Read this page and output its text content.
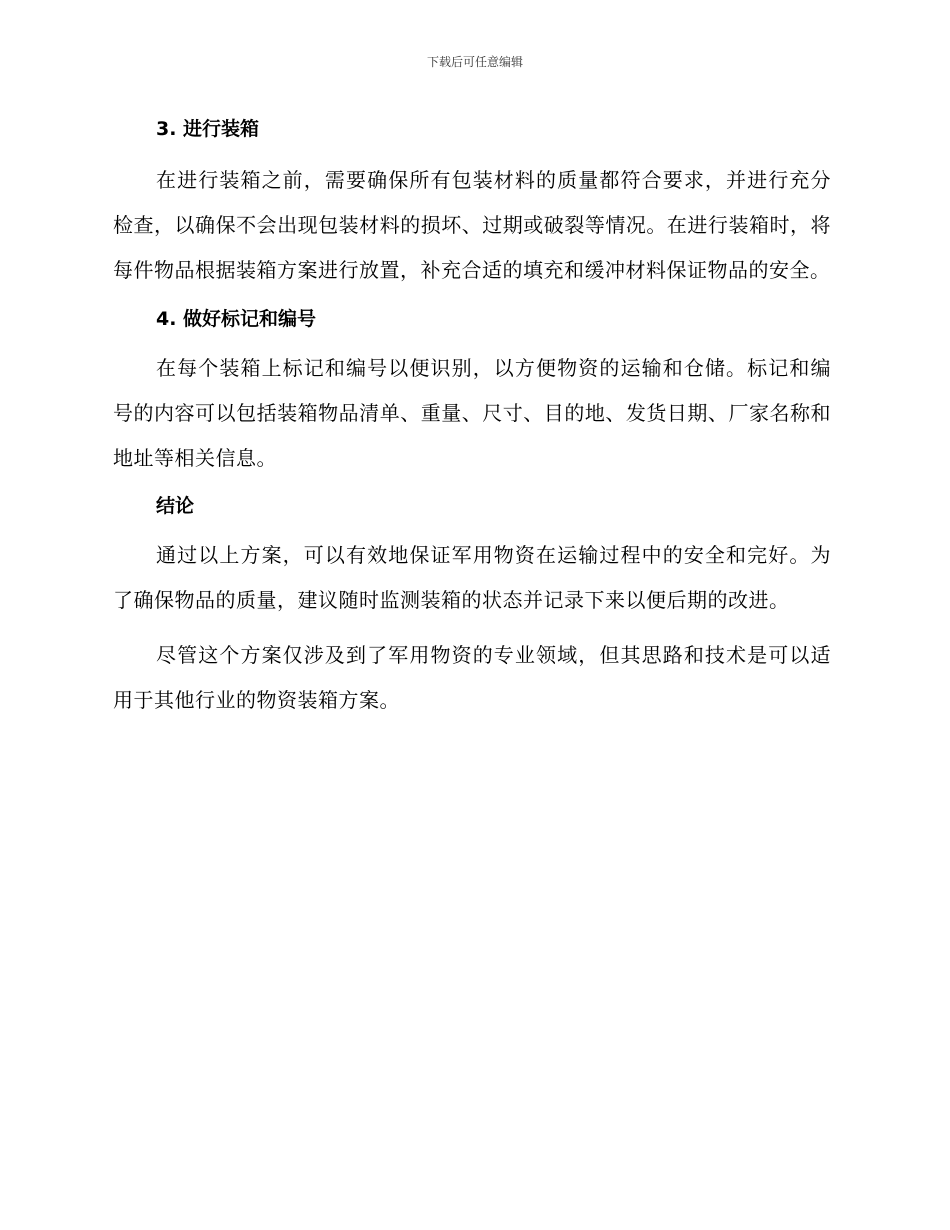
下载后可任意编辑
3. 进行装箱

在进行装箱之前，需要确保所有包装材料的质量都符合要求，并进行充分检查，以确保不会出现包装材料的损坏、过期或破裂等情况。在进行装箱时，将每件物品根据装箱方案进行放置，补充合适的填充和缓冲材料保证物品的安全。

4. 做好标记和编号

在每个装箱上标记和编号以便识别，以方便物资的运输和仓储。标记和编号的内容可以包括装箱物品清单、重量、尺寸、目的地、发货日期、厂家名称和地址等相关信息。

结论

通过以上方案，可以有效地保证军用物资在运输过程中的安全和完好。为了确保物品的质量，建议随时监测装箱的状态并记录下来以便后期的改进。

尽管这个方案仅涉及到了军用物资的专业领域，但其思路和技术是可以适用于其他行业的物资装箱方案。
